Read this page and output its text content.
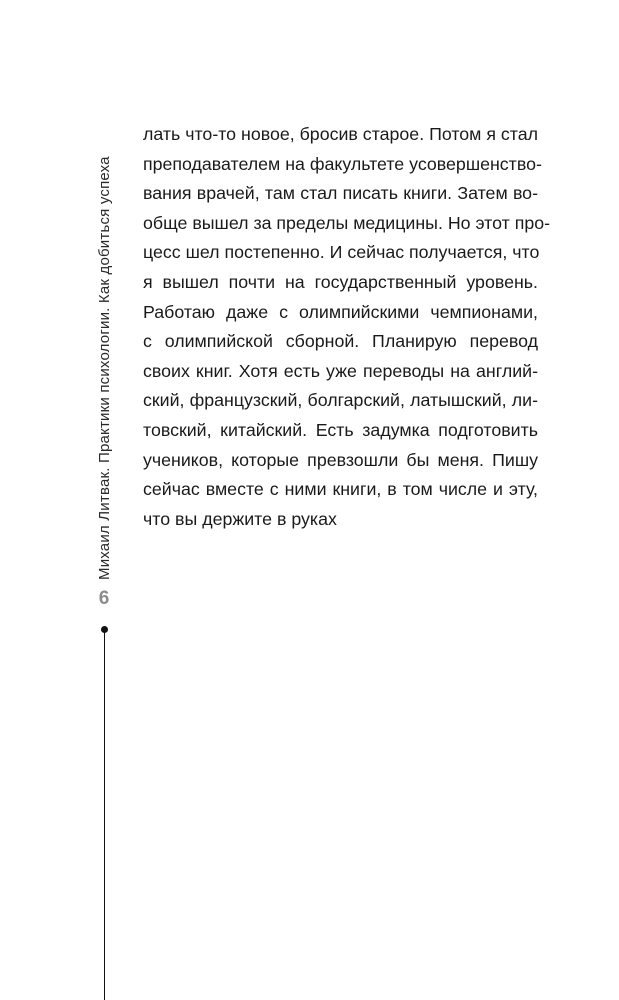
Михаил Литвак. Практики психологии. Как добиться успеха
6
лать что-то новое, бросив старое. Потом я стал
преподавателем на факультете усовершенство-
вания врачей, там стал писать книги. Затем во-
обще вышел за пределы медицины. Но этот про-
цесс шел постепенно. И сейчас получается, что
я вышел почти на государственный уровень.
Работаю даже с олимпийскими чемпионами,
с олимпийской сборной. Планирую перевод
своих книг. Хотя есть уже переводы на англий-
ский, французский, болгарский, латышский, ли-
товский, китайский. Есть задумка подготовить
учеников, которые превзошли бы меня. Пишу
сейчас вместе с ними книги, в том числе и эту,
что вы держите в руках
